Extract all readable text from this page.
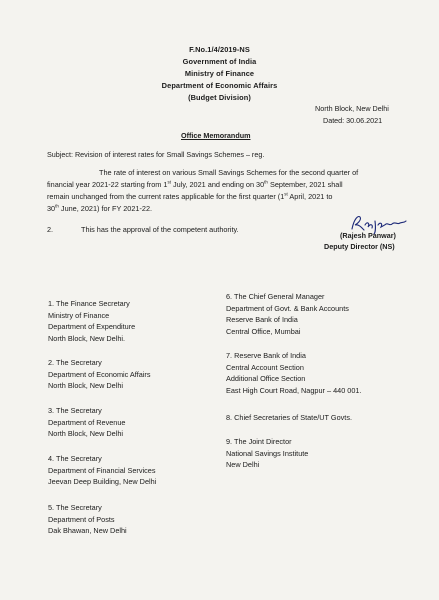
F.No.1/4/2019-NS
Government of India
Ministry of Finance
Department of Economic Affairs
(Budget Division)
North Block, New Delhi
Dated: 30.06.2021
Office Memorandum
Subject: Revision of interest rates for Small Savings Schemes – reg.
The rate of interest on various Small Savings Schemes for the second quarter of
financial year 2021-22 starting from 1st July, 2021 and ending on 30th September, 2021 shall
remain unchanged from the current rates applicable for the first quarter (1st April, 2021 to
30th June, 2021) for FY 2021-22.
2.	This has the approval of the competent authority.
(Rajesh Panwar)
Deputy Director (NS)
1. The Finance Secretary
Ministry of Finance
Department of Expenditure
North Block, New Delhi.
2. The Secretary
Department of Economic Affairs
North Block, New Delhi
3. The Secretary
Department of Revenue
North Block, New Delhi
4. The Secretary
Department of Financial Services
Jeevan Deep Building, New Delhi
5. The Secretary
Department of Posts
Dak Bhawan, New Delhi
6. The Chief General Manager
Department of Govt. & Bank Accounts
Reserve Bank of India
Central Office, Mumbai
7. Reserve Bank of India
Central Account Section
Additional Office Section
East High Court Road, Nagpur – 440 001.
8. Chief Secretaries of State/UT Govts.
9. The Joint Director
National Savings Institute
New Delhi
